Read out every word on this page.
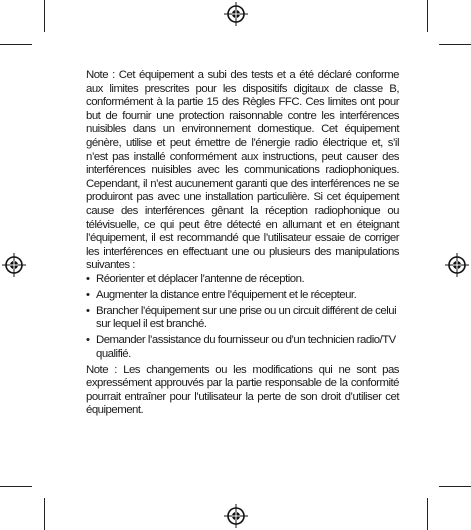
Note : Cet équipement a subi des tests et a été déclaré conforme aux limites prescrites pour les dispositifs digitaux de classe B, conformément à la partie 15 des Règles FFC. Ces limites ont pour but de fournir une protection raisonnable contre les interférences nuisibles dans un environnement domestique. Cet équipement génère, utilise et peut émettre de l’énergie radio électrique et, s’il n’est pas installé conformément aux instructions, peut causer des interférences nuisibles avec les communications radiophoniques. Cependant, il n’est aucunement garanti que des interférences ne se produiront pas avec une installation particulière. Si cet équipement cause des interférences gênant la réception radiophonique ou télévisuelle, ce qui peut être détecté en allumant et en éteignant l’équipement, il est recommandé que l’utilisateur essaie de corriger les interférences en effectuant une ou plusieurs des manipulations suivantes :

• Réorienter et déplacer l’antenne de réception.
• Augmenter la distance entre l’équipement et le récepteur.
• Brancher l’équipement sur une prise ou un circuit différent de celui sur lequel il est branché.
• Demander l’assistance du fournisseur ou d’un technicien radio/TV qualifié.

Note : Les changements ou les modifications qui ne sont pas expressément approuvés par la partie responsable de la conformité pourrait entraîner pour l’utilisateur la perte de son droit d’utiliser cet équipement.
